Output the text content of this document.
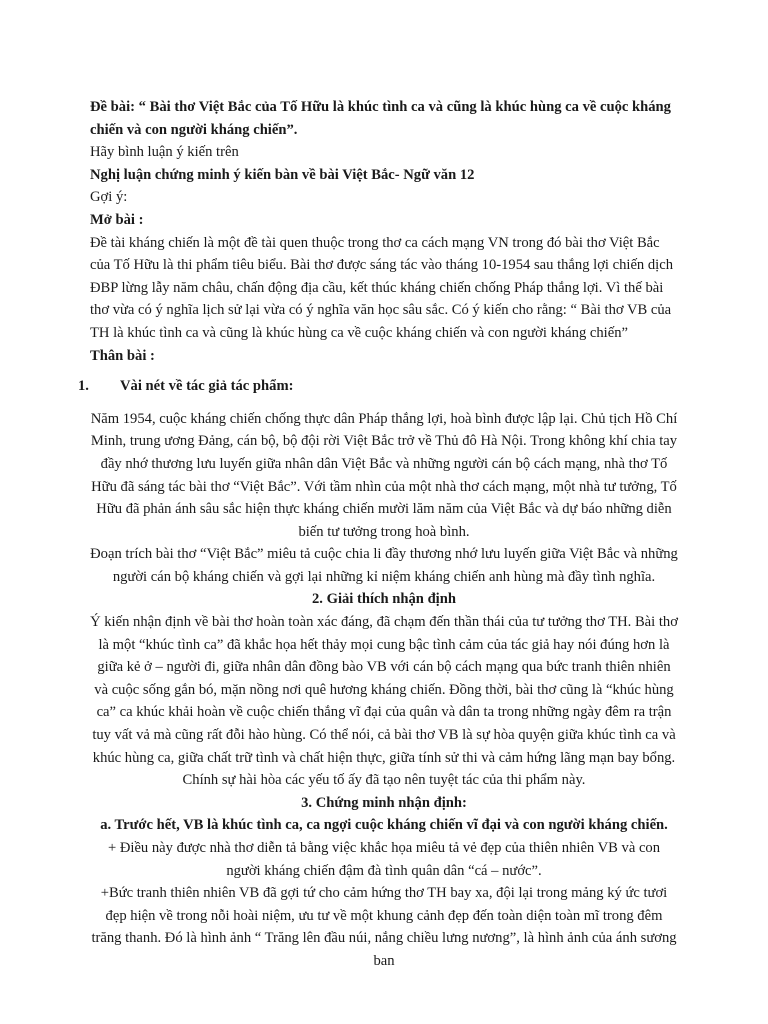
Đề bài: “ Bài thơ Việt Bắc của Tố Hữu là khúc tình ca và cũng là khúc hùng ca về cuộc kháng chiến và con người kháng chiến”.

Hãy bình luận ý kiến trên

Nghị luận chứng minh ý kiến bàn về bài Việt Bắc- Ngữ văn 12

Gợi ý:

Mở bài :

Đề tài kháng chiến là một đề tài quen thuộc trong thơ ca cách mạng VN trong đó bài thơ Việt Bắc của Tố Hữu là thi phẩm tiêu biểu. Bài thơ được sáng tác vào tháng 10-1954 sau thắng lợi chiến dịch ĐBP lừng lẫy năm châu, chấn động địa cầu, kết thúc kháng chiến chống Pháp thắng lợi. Vì thế bài thơ vừa có ý nghĩa lịch sử lại vừa có ý nghĩa văn học sâu sắc. Có ý kiến cho rằng: “ Bài thơ VB của TH là khúc tình ca và cũng là khúc hùng ca về cuộc kháng chiến và con người kháng chiến”

Thân bài :

1.	Vài nét về tác giả tác phẩm:

Năm 1954, cuộc kháng chiến chống thực dân Pháp thắng lợi, hoà bình được lập lại. Chủ tịch Hồ Chí Minh, trung ương Đảng, cán bộ, bộ đội rời Việt Bắc trở về Thủ đô Hà Nội. Trong không khí chia tay đầy nhớ thương lưu luyến giữa nhân dân Việt Bắc và những người cán bộ cách mạng, nhà thơ Tố Hữu đã sáng tác bài thơ “Việt Bắc”. Với tầm nhìn của một nhà thơ cách mạng, một nhà tư tưởng, Tố Hữu đã phản ánh sâu sắc hiện thực kháng chiến mười lăm năm của Việt Bắc và dự báo những diễn biến tư tưởng trong hoà bình.

Đoạn trích bài thơ “Việt Bắc” miêu tả cuộc chia li đầy thương nhớ lưu luyến giữa Việt Bắc và những người cán bộ kháng chiến và gợi lại những kỉ niệm kháng chiến anh hùng mà đầy tình nghĩa.

2. Giải thích nhận định

Ý kiến nhận định về bài thơ hoàn toàn xác đáng, đã chạm đến thần thái của tư tưởng thơ TH. Bài thơ là một “khúc tình ca” đã khắc họa hết thảy mọi cung bậc tình cảm của tác giả hay nói đúng hơn là giữa kẻ ở – người đi, giữa nhân dân đồng bào VB với cán bộ cách mạng qua bức tranh thiên nhiên và cuộc sống gắn bó, mặn nồng nơi quê hương kháng chiến. Đồng thời, bài thơ cũng là “khúc hùng ca” ca khúc khải hoàn về cuộc chiến thắng vĩ đại của quân và dân ta trong những ngày đêm ra trận tuy vất vả mà cũng rất đỗi hào hùng. Có thể nói, cả bài thơ VB là sự hòa quyện giữa khúc tình ca và khúc hùng ca, giữa chất trữ tình và chất hiện thực, giữa tính sử thi và cảm hứng lãng mạn bay bổng. Chính sự hài hòa các yếu tố ấy đã tạo nên tuyệt tác của thi phẩm này.

3. Chứng minh nhận định:

a. Trước hết, VB là khúc tình ca, ca ngợi cuộc kháng chiến vĩ đại và con người kháng chiến.

+ Điều này được nhà thơ diễn tả bằng việc khắc họa miêu tả vẻ đẹp của thiên nhiên VB và con người kháng chiến đậm đà tình quân dân “cá – nước”.

+Bức tranh thiên nhiên VB đã gợi tứ cho cảm hứng thơ TH bay xa, đội lại trong mảng ký ức tươi đẹp hiện về trong nỗi hoài niệm, ưu tư về một khung cảnh đẹp đến toàn diện toàn mĩ trong đêm trăng thanh. Đó là hình ảnh “ Trăng lên đầu núi, nắng chiều lưng nương”, là hình ảnh của ánh sương ban
